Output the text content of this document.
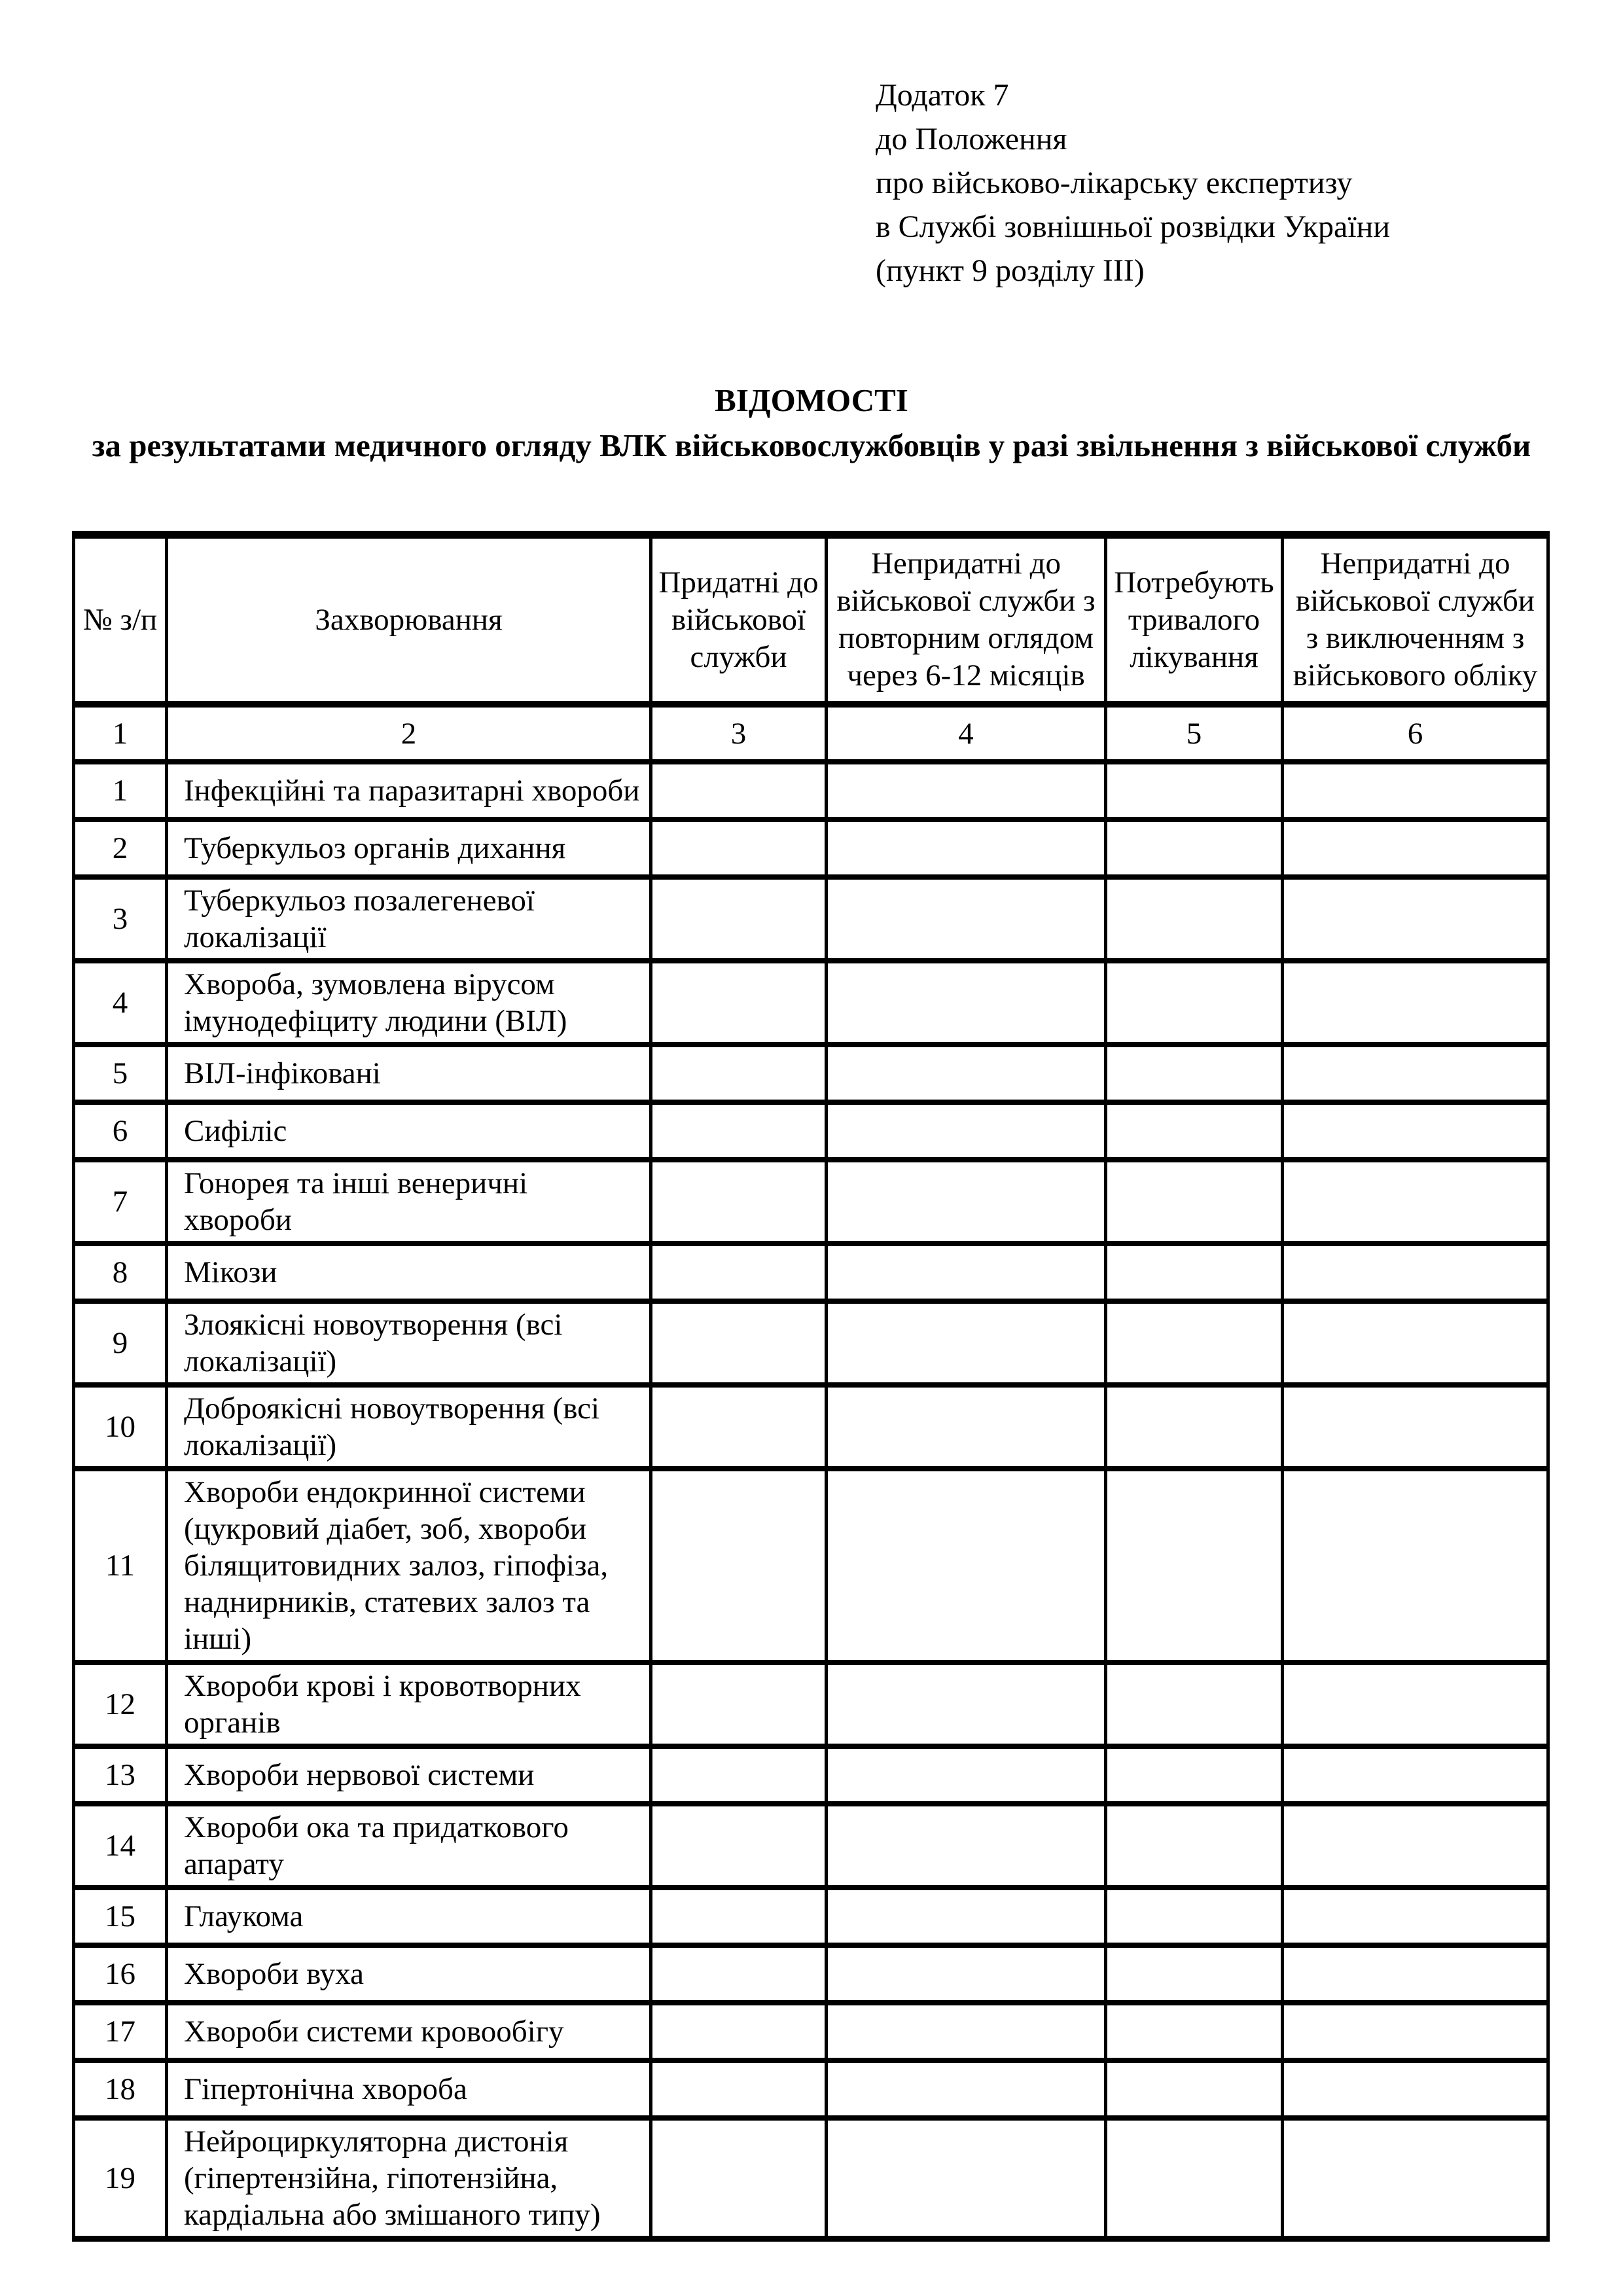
Додаток 7
до Положення
про військово-лікарську експертизу
в Службі зовнішньої розвідки України
(пункт 9 розділу III)
ВІДОМОСТІ
за результатами медичного огляду ВЛК військовослужбовців у разі звільнення з військової служби
№ з/п	Захворювання	Придатні до військової служби	Непридатні до військової служби з повторним оглядом через 6-12 місяців	Потребують тривалого лікування	Непридатні до військової служби з виключенням з військового обліку
1	2	3	4	5	6
1	Інфекційні та паразитарні хвороби				
2	Туберкульоз органів дихання				
3	Туберкульоз позалегеневої локалізації				
4	Хвороба, зумовлена вірусом імунодефіциту людини (ВІЛ)				
5	ВІЛ-інфіковані				
6	Сифіліс				
7	Гонорея та інші венеричні хвороби				
8	Мікози				
9	Злоякісні новоутворення (всі локалізації)				
10	Доброякісні новоутворення (всі локалізації)				
11	Хвороби ендокринної системи (цукровий діабет, зоб, хвороби білящитовидних залоз, гіпофіза, наднирників, статевих залоз та інші)				
12	Хвороби крові і кровотворних органів				
13	Хвороби нервової системи				
14	Хвороби ока та придаткового апарату				
15	Глаукома				
16	Хвороби вуха				
17	Хвороби системи кровообігу				
18	Гіпертонічна хвороба				
19	Нейроциркуляторна дистонія (гіпертензійна, гіпотензійна, кардіальна або змішаного типу)				
